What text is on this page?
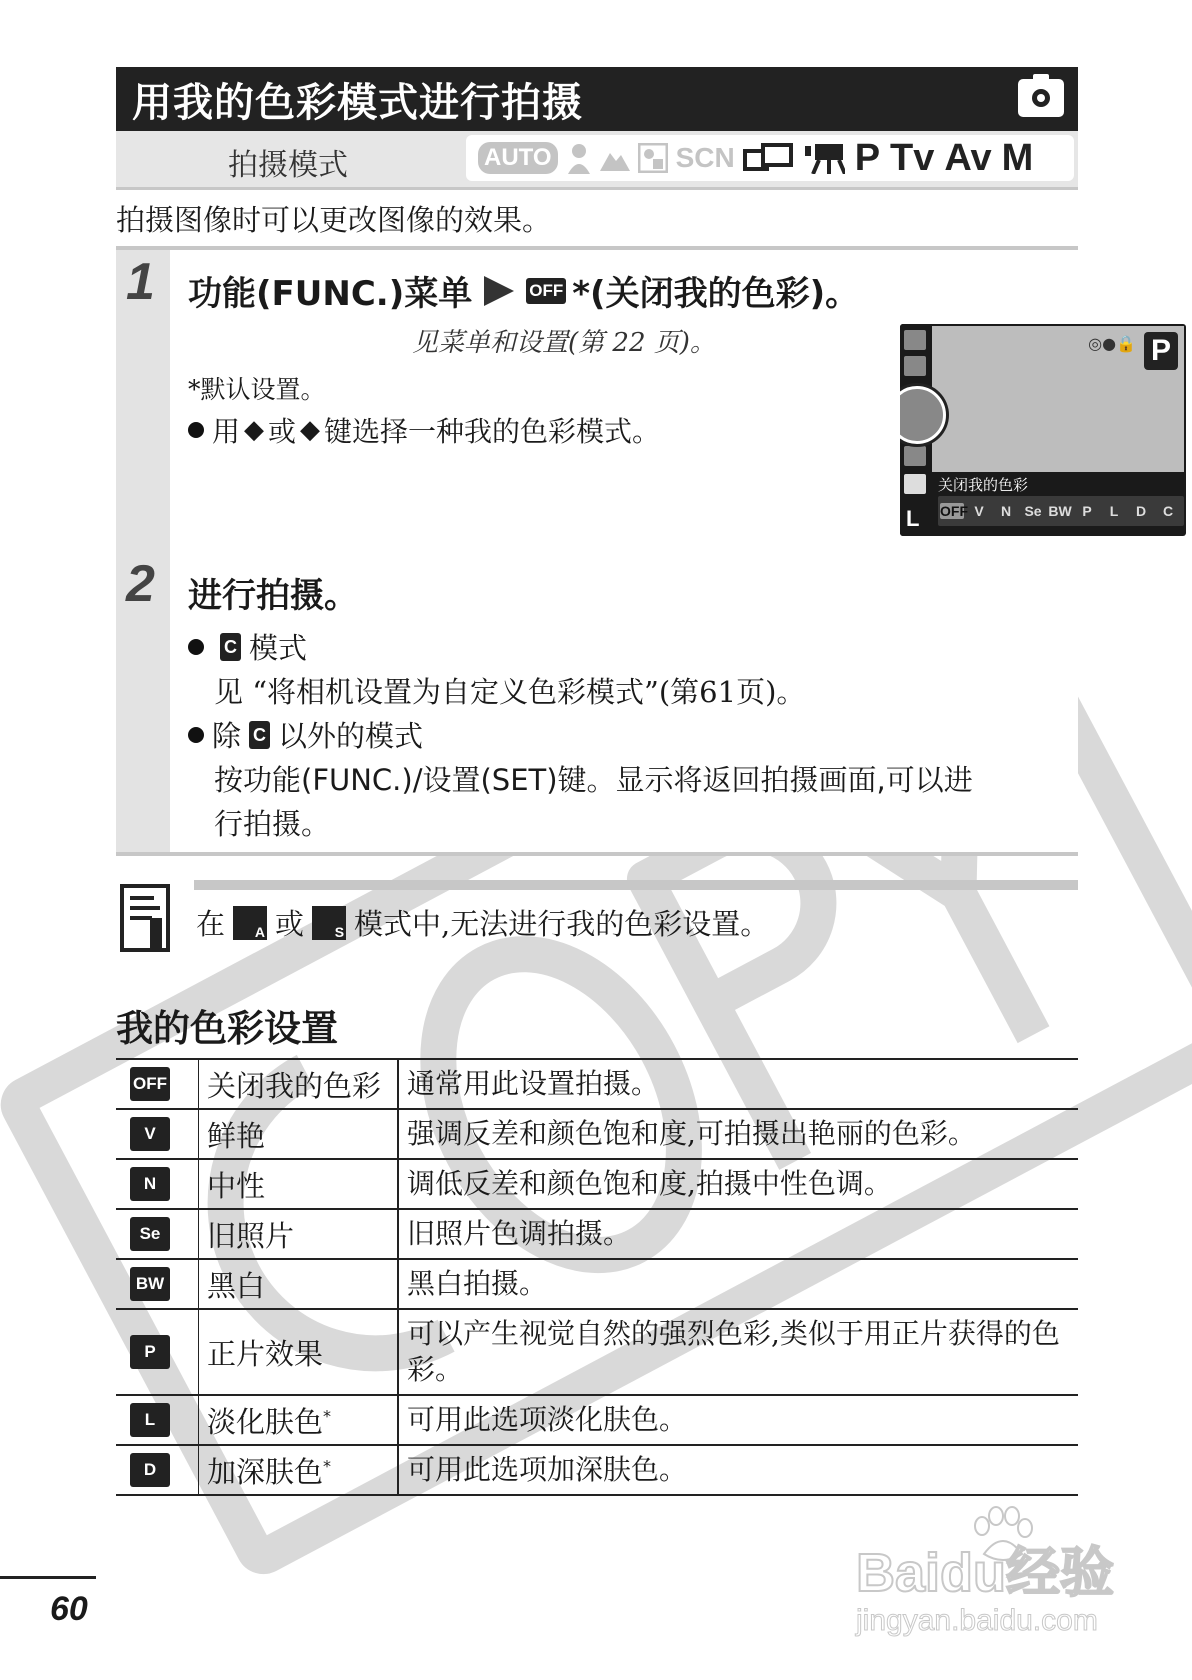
用我的色彩模式进行拍摄
拍摄模式	AUTO	SCN	P Tv Av M
拍摄图像时可以更改图像的效果。
1 功能(FUNC.)菜单	OFF *(关闭我的色彩)。
见菜单和设置(第 22 页)。
*默认设置。
用 ◆ 或 ◆ 键选择一种我的色彩模式。
◎●🔒 P
L
关闭我的色彩
OFF V	N Se BW P	L	D	C
2 进行拍摄。
C 模式
见 “将相机设置为自定义色彩模式”(第61页)。
除 C 以外的模式
按功能(FUNC.)/设置(SET)键。显示将返回拍摄画面,可以进
行拍摄。
在 A 或 S 模式中,无法进行我的色彩设置。
我的色彩设置
OFF	关闭我的色彩	通常用此设置拍摄。
V	鲜艳	强调反差和颜色饱和度,可拍摄出艳丽的色彩。
N	中性	调低反差和颜色饱和度,拍摄中性色调。
Se	旧照片	旧照片色调拍摄。
BW	黑白	黑白拍摄。
P	正片效果	可以产生视觉自然的强烈色彩,类似于用正片获得的色彩。
L	淡化肤色*	可用此选项淡化肤色。
D	加深肤色*	可用此选项加深肤色。
60
Baidu经验
jingyan.baidu.com
